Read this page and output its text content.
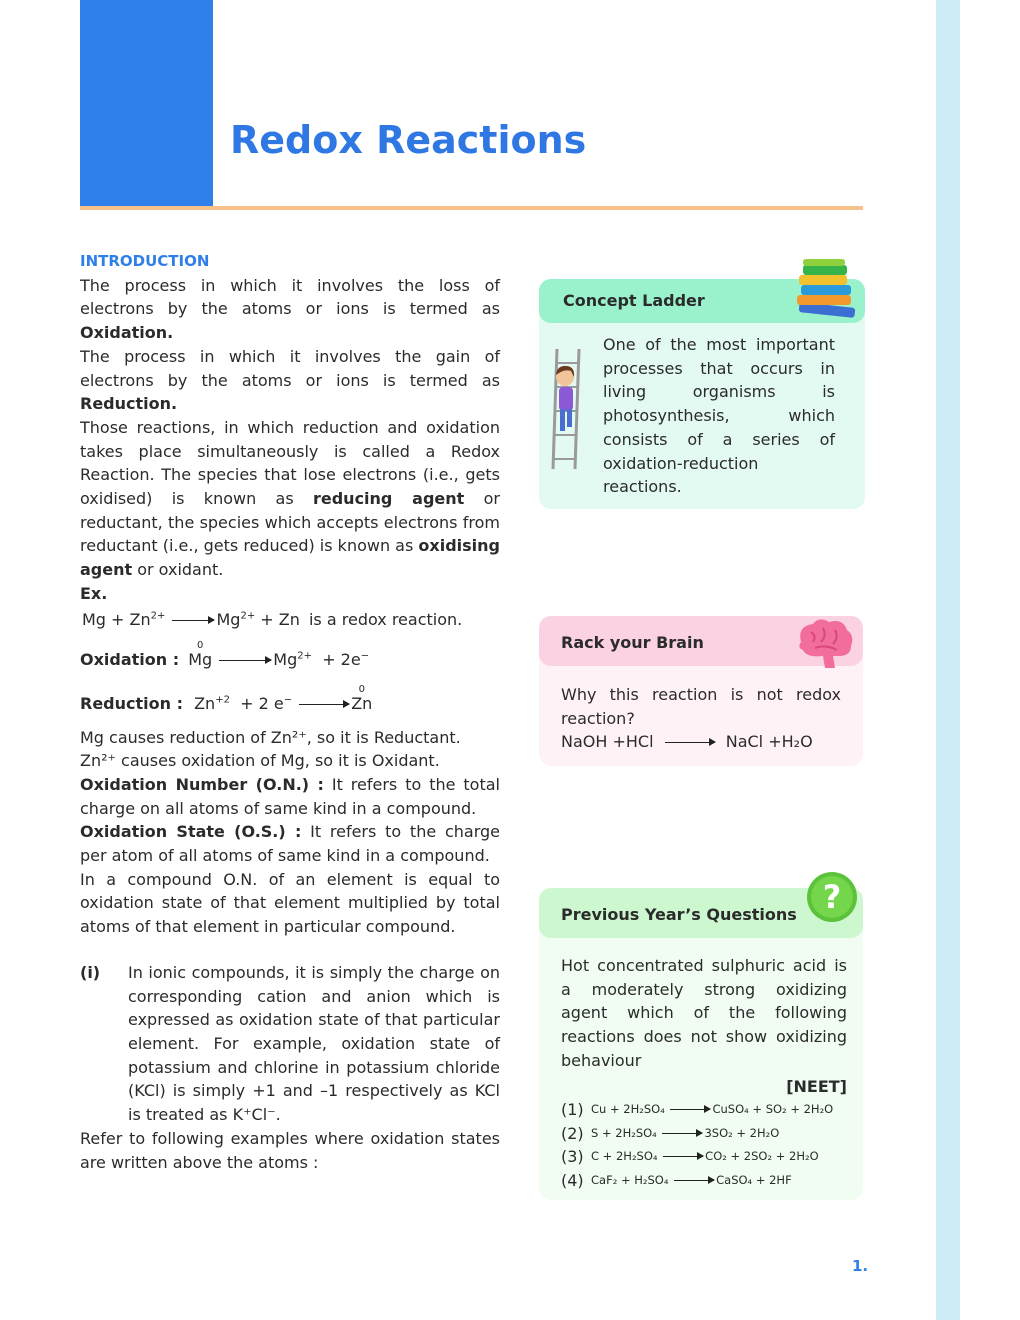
Redox Reactions

INTRODUCTION

The process in which it involves the loss of electrons by the atoms or ions is termed as Oxidation.

The process in which it involves the gain of electrons by the atoms or ions is termed as Reduction.

Those reactions, in which reduction and oxidation takes place simultaneously is called a Redox Reaction. The species that lose electrons (i.e., gets oxidised) is known as reducing agent or reductant, the species which accepts electrons from reductant (i.e., gets reduced) is known as oxidising agent or oxidant.

Ex.

$Mg + Zn^{2+} \to Mg^{2+} + Zn$ is a redox reaction.
Oxidation : Mg
0
→ $Mg^{2+} + 2e^-$
Reduction : $Zn^{+2} + 2$ e− → Zn
0

Mg causes reduction of Zn²⁺, so it is Reductant.

Zn²⁺ causes oxidation of Mg, so it is Oxidant.

Oxidation Number (O.N.) : It refers to the total charge on all atoms of same kind in a compound.

Oxidation State (O.S.) : It refers to the charge per atom of all atoms of same kind in a compound.

In a compound O.N. of an element is equal to oxidation state of that element multiplied by total atoms of that element in particular compound.

(i)	In ionic compounds, it is simply the charge on corresponding cation and anion which is expressed as oxidation state of that particular element. For example, oxidation state of potassium and chlorine in potassium chloride (KCl) is simply +1 and –1 respectively as KCl is treated as K⁺Cl⁻.

Refer to following examples where oxidation states are written above the atoms :

Concept Ladder
One of the most important processes that occurs in living organisms is photosynthesis, which consists of a series of oxidation-reduction reactions.
Rack your Brain
Why this reaction is not redox reaction?
NaOH +HCl → NaCl +H₂O
Previous Year’s Questions ?
Hot concentrated sulphuric acid is a moderately strong oxidizing agent which of the following reactions does not show oxidizing behaviour
[NEET]
(1) Cu + 2H₂SO₄ → CuSO₄ + SO₂ + 2H₂O
(2) S + 2H₂SO₄ → 3SO₂ + 2H₂O
(3) C + 2H₂SO₄ → CO₂ + 2SO₂ + 2H₂O
(4) CaF₂ + H₂SO₄ → CaSO₄ + 2HF
1.
